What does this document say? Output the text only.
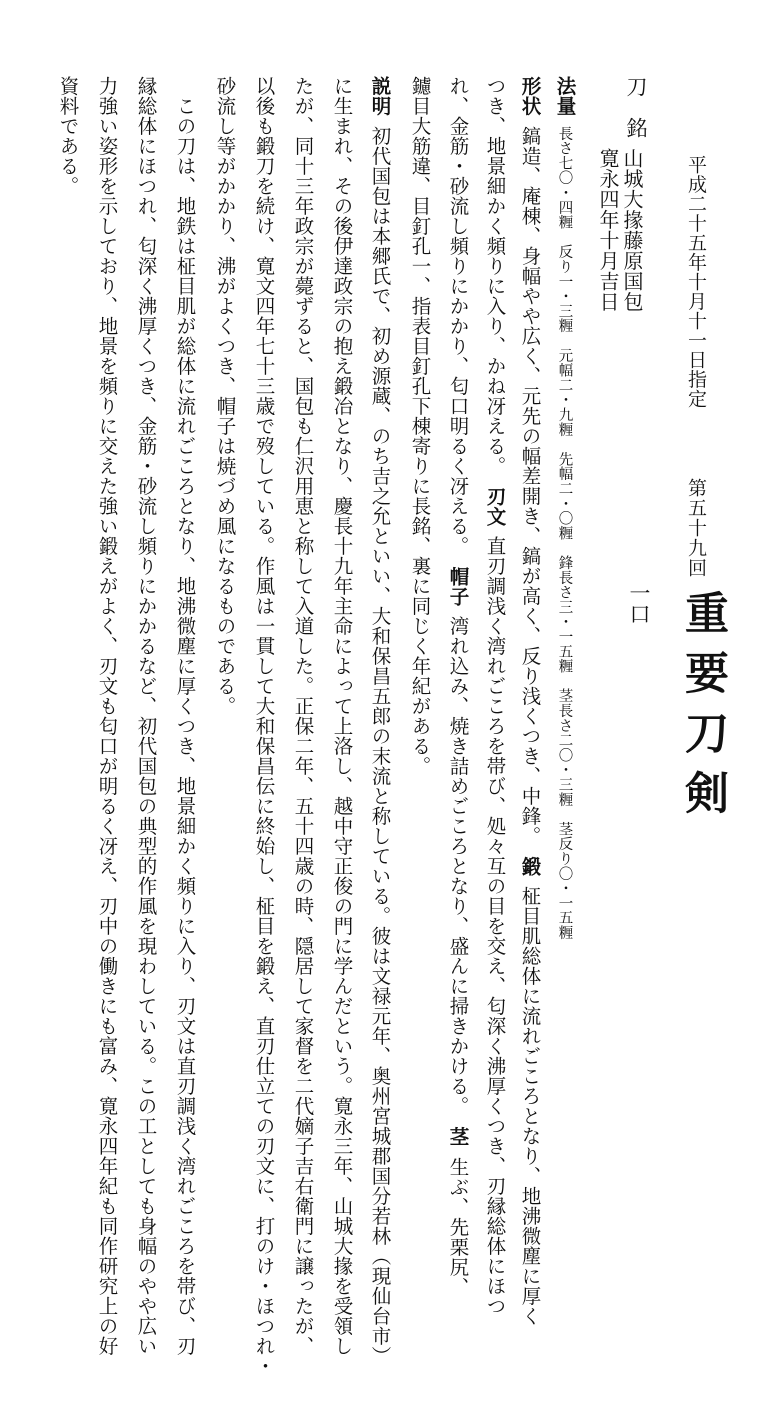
重要刀剣
平成二十五年十月十一日指定
第五十九回
一口
刀銘
山城大掾藤原国包
寛永四年十月吉日
法量長さ七〇・四糎　反り一・三糎　元幅二・九糎　先幅二・〇糎　鋒長さ三・一五糎　茎長さ二〇・三糎　茎反り〇・一五糎
形状鎬造、庵棟、身幅やや広く、元先の幅差開き、鎬が高く、反り浅くつき、中鋒。　鍛柾目肌総体に流れごころとなり、地沸微塵に厚く
つき、地景細かく頻りに入り、かね冴える。　刃文直刃調浅く湾れごころを帯び、処々互の目を交え、匂深く沸厚くつき、刃縁総体にほつ
れ、金筋・砂流し頻りにかかり、匂口明るく冴える。　帽子湾れ込み、焼き詰めごころとなり、盛んに掃きかける。　茎生ぶ、先栗尻、
鑢目大筋違、目釘孔一、指表目釘孔下棟寄りに長銘、裏に同じく年紀がある。
説明初代国包は本郷氏で、初め源蔵、のち吉之允といい、大和保昌五郎の末流と称している。彼は文禄元年、奥州宮城郡国分若林（現仙台市）
に生まれ、その後伊達政宗の抱え鍛冶となり、慶長十九年主命によって上洛し、越中守正俊の門に学んだという。寛永三年、山城大掾を受領し
たが、同十三年政宗が薨ずると、国包も仁沢用恵と称して入道した。正保二年、五十四歳の時、隠居して家督を二代嫡子吉右衛門に譲ったが、
以後も鍛刀を続け、寛文四年七十三歳で歿している。作風は一貫して大和保昌伝に終始し、柾目を鍛え、直刃仕立ての刃文に、打のけ・ほつれ・
砂流し等がかかり、沸がよくつき、帽子は焼づめ風になるものである。
　この刀は、地鉄は柾目肌が総体に流れごころとなり、地沸微塵に厚くつき、地景細かく頻りに入り、刃文は直刃調浅く湾れごころを帯び、刃
縁総体にほつれ、匂深く沸厚くつき、金筋・砂流し頻りにかかるなど、初代国包の典型的作風を現わしている。この工としても身幅のやや広い
力強い姿形を示しており、地景を頻りに交えた強い鍛えがよく、刃文も匂口が明るく冴え、刃中の働きにも富み、寛永四年紀も同作研究上の好
資料である。
